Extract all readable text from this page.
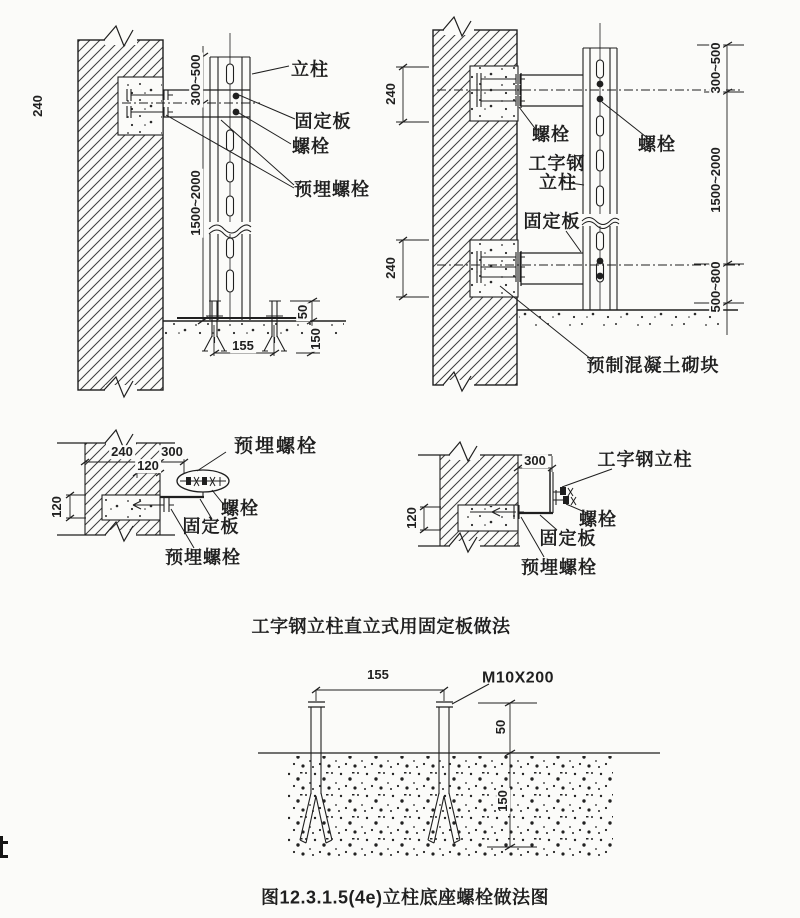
240
300~500
1500~2000
立柱
固定板
螺栓
预埋螺栓
155
50
150
240
240
螺栓	螺栓
工字钢
立柱
固定板
预制混凝土砌块
300~500
1500~2000
500~800
240 300
120
120
预埋螺栓
螺栓
固定板
预埋螺栓
300
120
工字钢立柱
螺栓
固定板
预埋螺栓
工字钢立柱直立式用固定板做法
图12.3.1.5(4e)立柱底座螺栓做法图
155	M10X200
50
150
